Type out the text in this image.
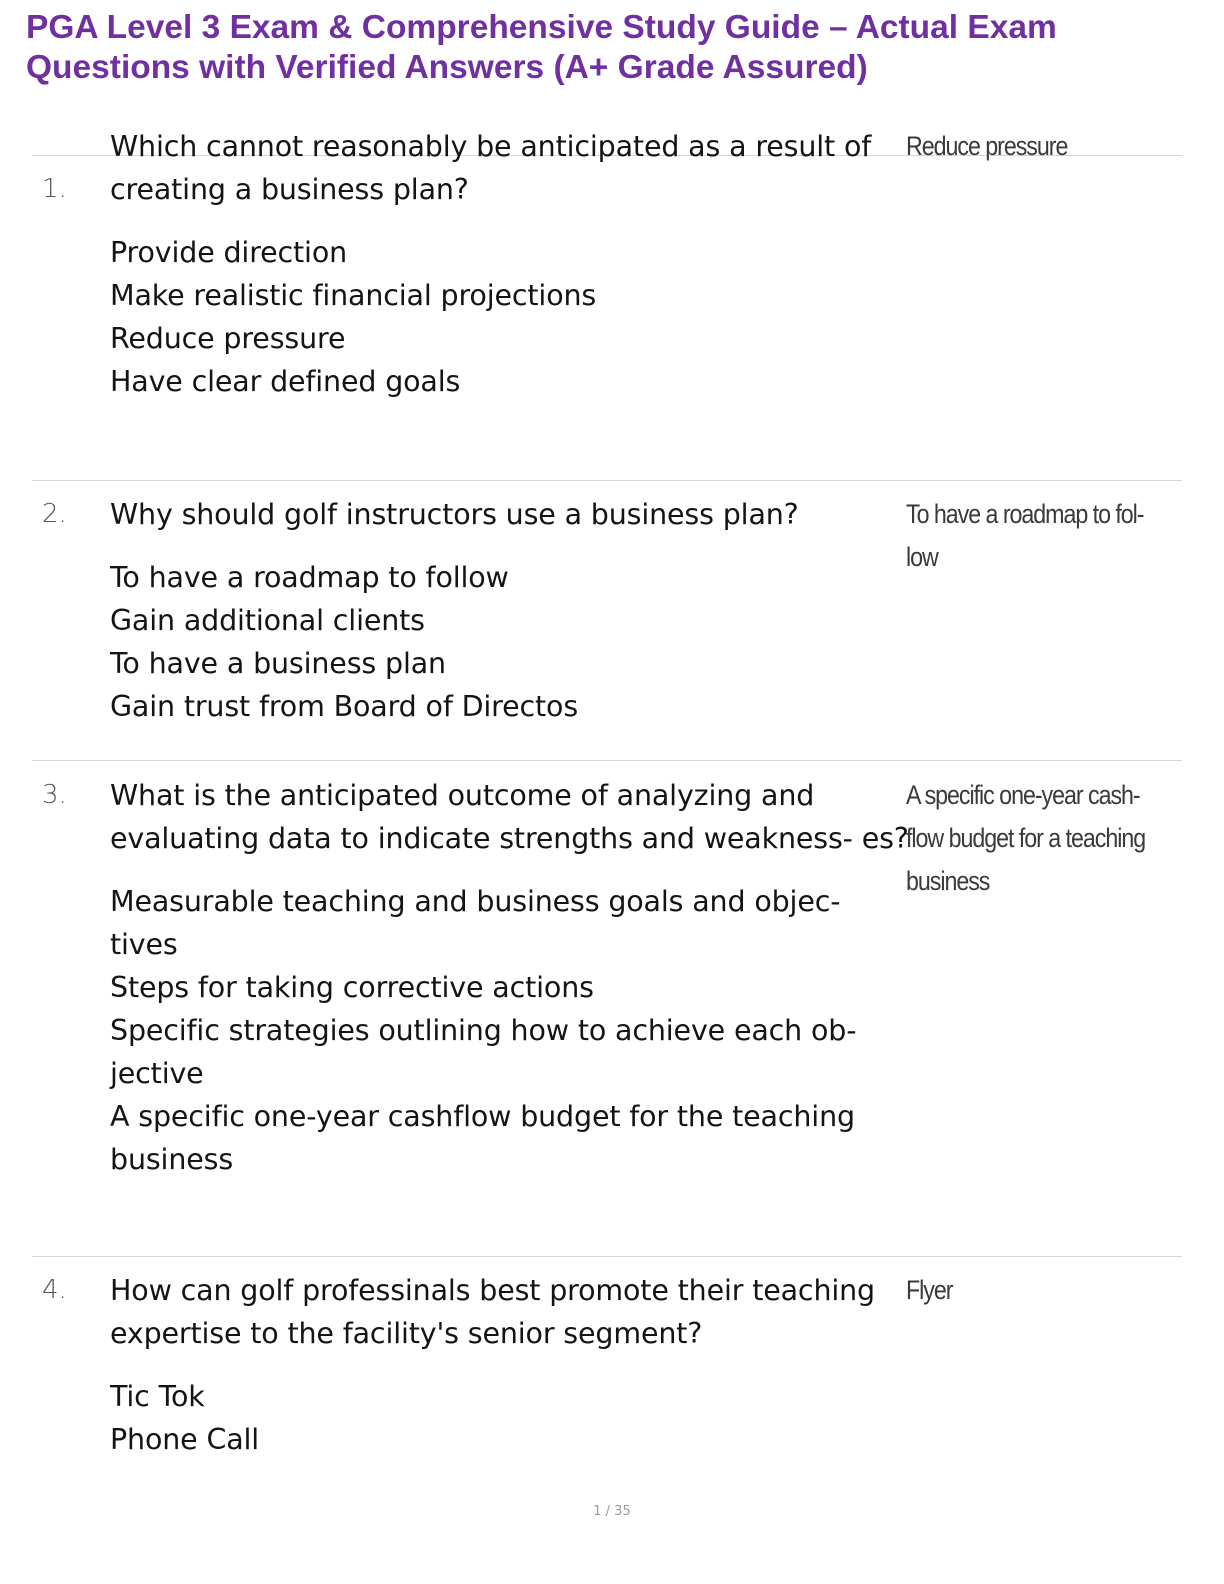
PGA Level 3 Exam & Comprehensive Study Guide – Actual Exam Questions with Verified Answers (A+ Grade Assured)
1.

Which cannot reasonably be anticipated as a result of creating a business plan?

Provide direction
Make realistic financial projections
Reduce pressure
Have clear defined goals
Reduce pressure
2. Why should golf instructors use a business plan?

To have a roadmap to follow
Gain additional clients
To have a business plan
Gain trust from Board of Directos
To have a roadmap to fol- low
3. What is the anticipated outcome of analyzing and evaluating data to indicate strengths and weakness- es?

Measurable teaching and business goals and objec- tives
Steps for taking corrective actions
Specific strategies outlining how to achieve each ob- jective
A specific one-year cashflow budget for the teaching business
A specific one-year cash- flow budget for a teaching business
4. How can golf professinals best promote their teaching expertise to the facility's senior segment?

Tic Tok
Phone Call
Flyer
1 / 35
